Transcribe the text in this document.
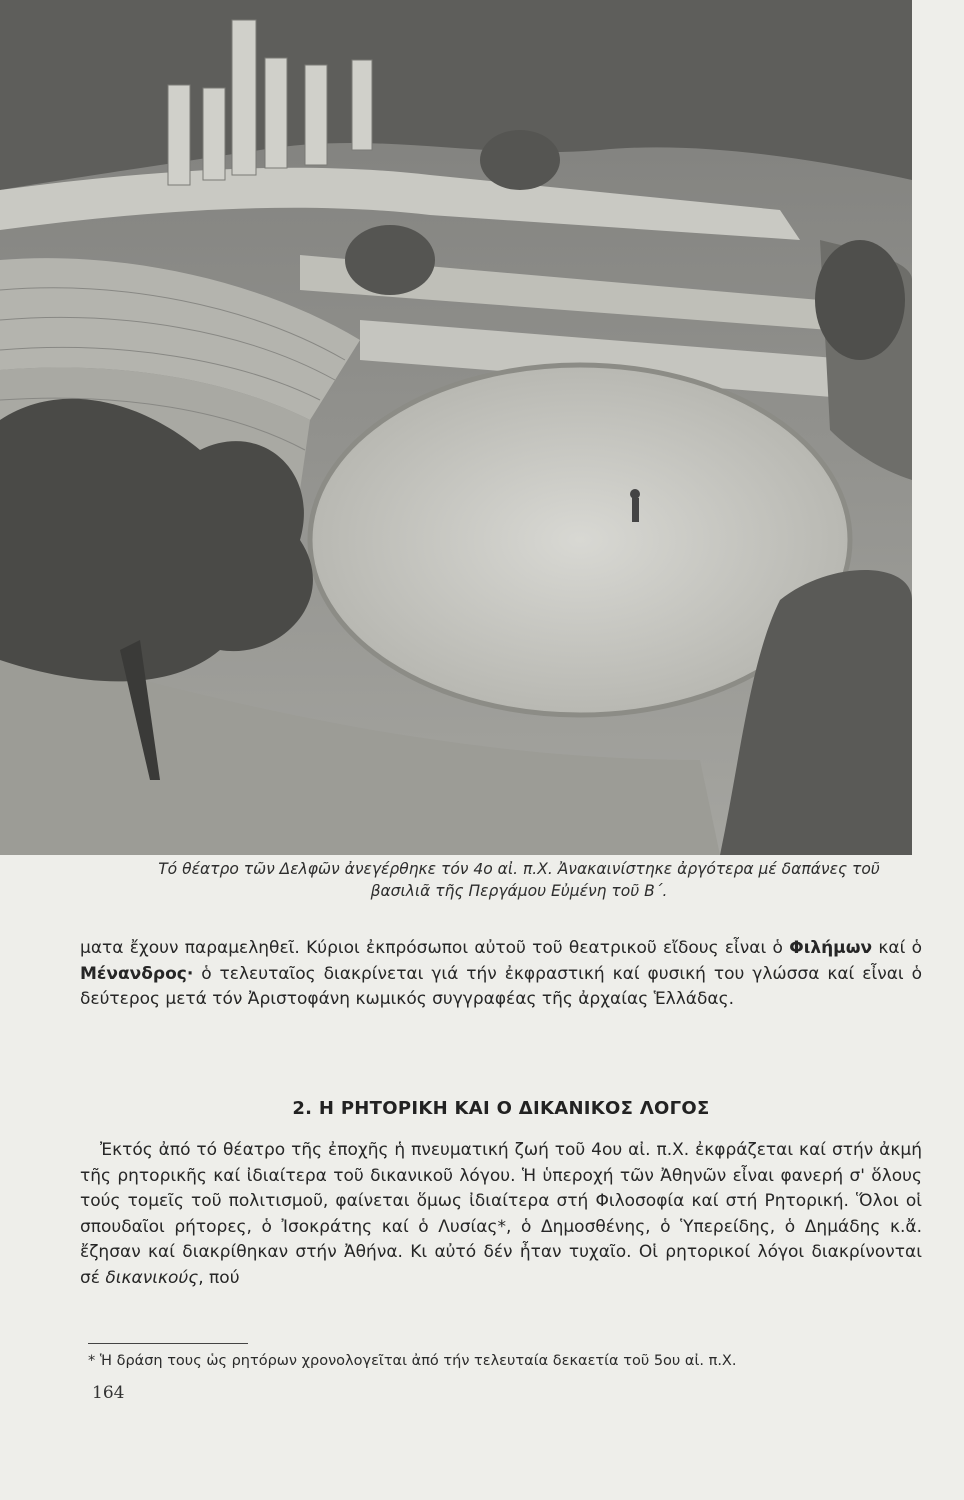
Τό θέατρο τῶν Δελφῶν ἀνεγέρθηκε τόν 4ο αἰ. π.Χ. Ἀνακαινίστηκε ἀργότερα μέ δαπάνες τοῦ
βασιλιᾶ τῆς Περγάμου Εὐμένη τοῦ Β΄.

ματα ἔχουν παραμεληθεῖ. Κύριοι ἐκπρόσωποι αὐτοῦ τοῦ θεατρικοῦ εἴδους εἶναι ὁ Φιλήμων καί ὁ Μένανδρος· ὁ τελευταῖος διακρίνεται γιά τήν ἐκφραστική καί φυσική του γλώσσα καί εἶναι ὁ δεύτερος μετά τόν Ἀριστοφάνη κωμικός συγγραφέας τῆς ἀρχαίας Ἑλλάδας.

2. Η ΡΗΤΟΡΙΚΗ ΚΑΙ Ο ΔΙΚΑΝΙΚΟΣ ΛΟΓΟΣ

Ἐκτός ἀπό τό θέατρο τῆς ἐποχῆς ἡ πνευματική ζωή τοῦ 4ου αἰ. π.Χ. ἐκφράζεται καί στήν ἀκμή τῆς ρητορικῆς καί ἰδιαίτερα τοῦ δικανικοῦ λόγου. Ἡ ὑπεροχή τῶν Ἀθηνῶν εἶναι φανερή σ' ὅλους τούς τομεῖς τοῦ πολιτισμοῦ, φαίνεται ὅμως ἰδιαίτερα στή Φιλοσοφία καί στή Ρητορική. Ὅλοι οἱ σπουδαῖοι ρήτορες, ὁ Ἰσοκράτης καί ὁ Λυσίας*, ὁ Δημοσθένης, ὁ Ὑπερείδης, ὁ Δημάδης κ.ἄ. ἔζησαν καί διακρίθηκαν στήν Ἀθήνα. Κι αὐτό δέν ἦταν τυχαῖο. Οἱ ρητορικοί λόγοι διακρίνονται σέ δικανικούς, πού

* Ἡ δράση τους ὡς ρητόρων χρονολογεῖται ἀπό τήν τελευταία δεκαετία τοῦ 5ου αἰ. π.Χ.
164
